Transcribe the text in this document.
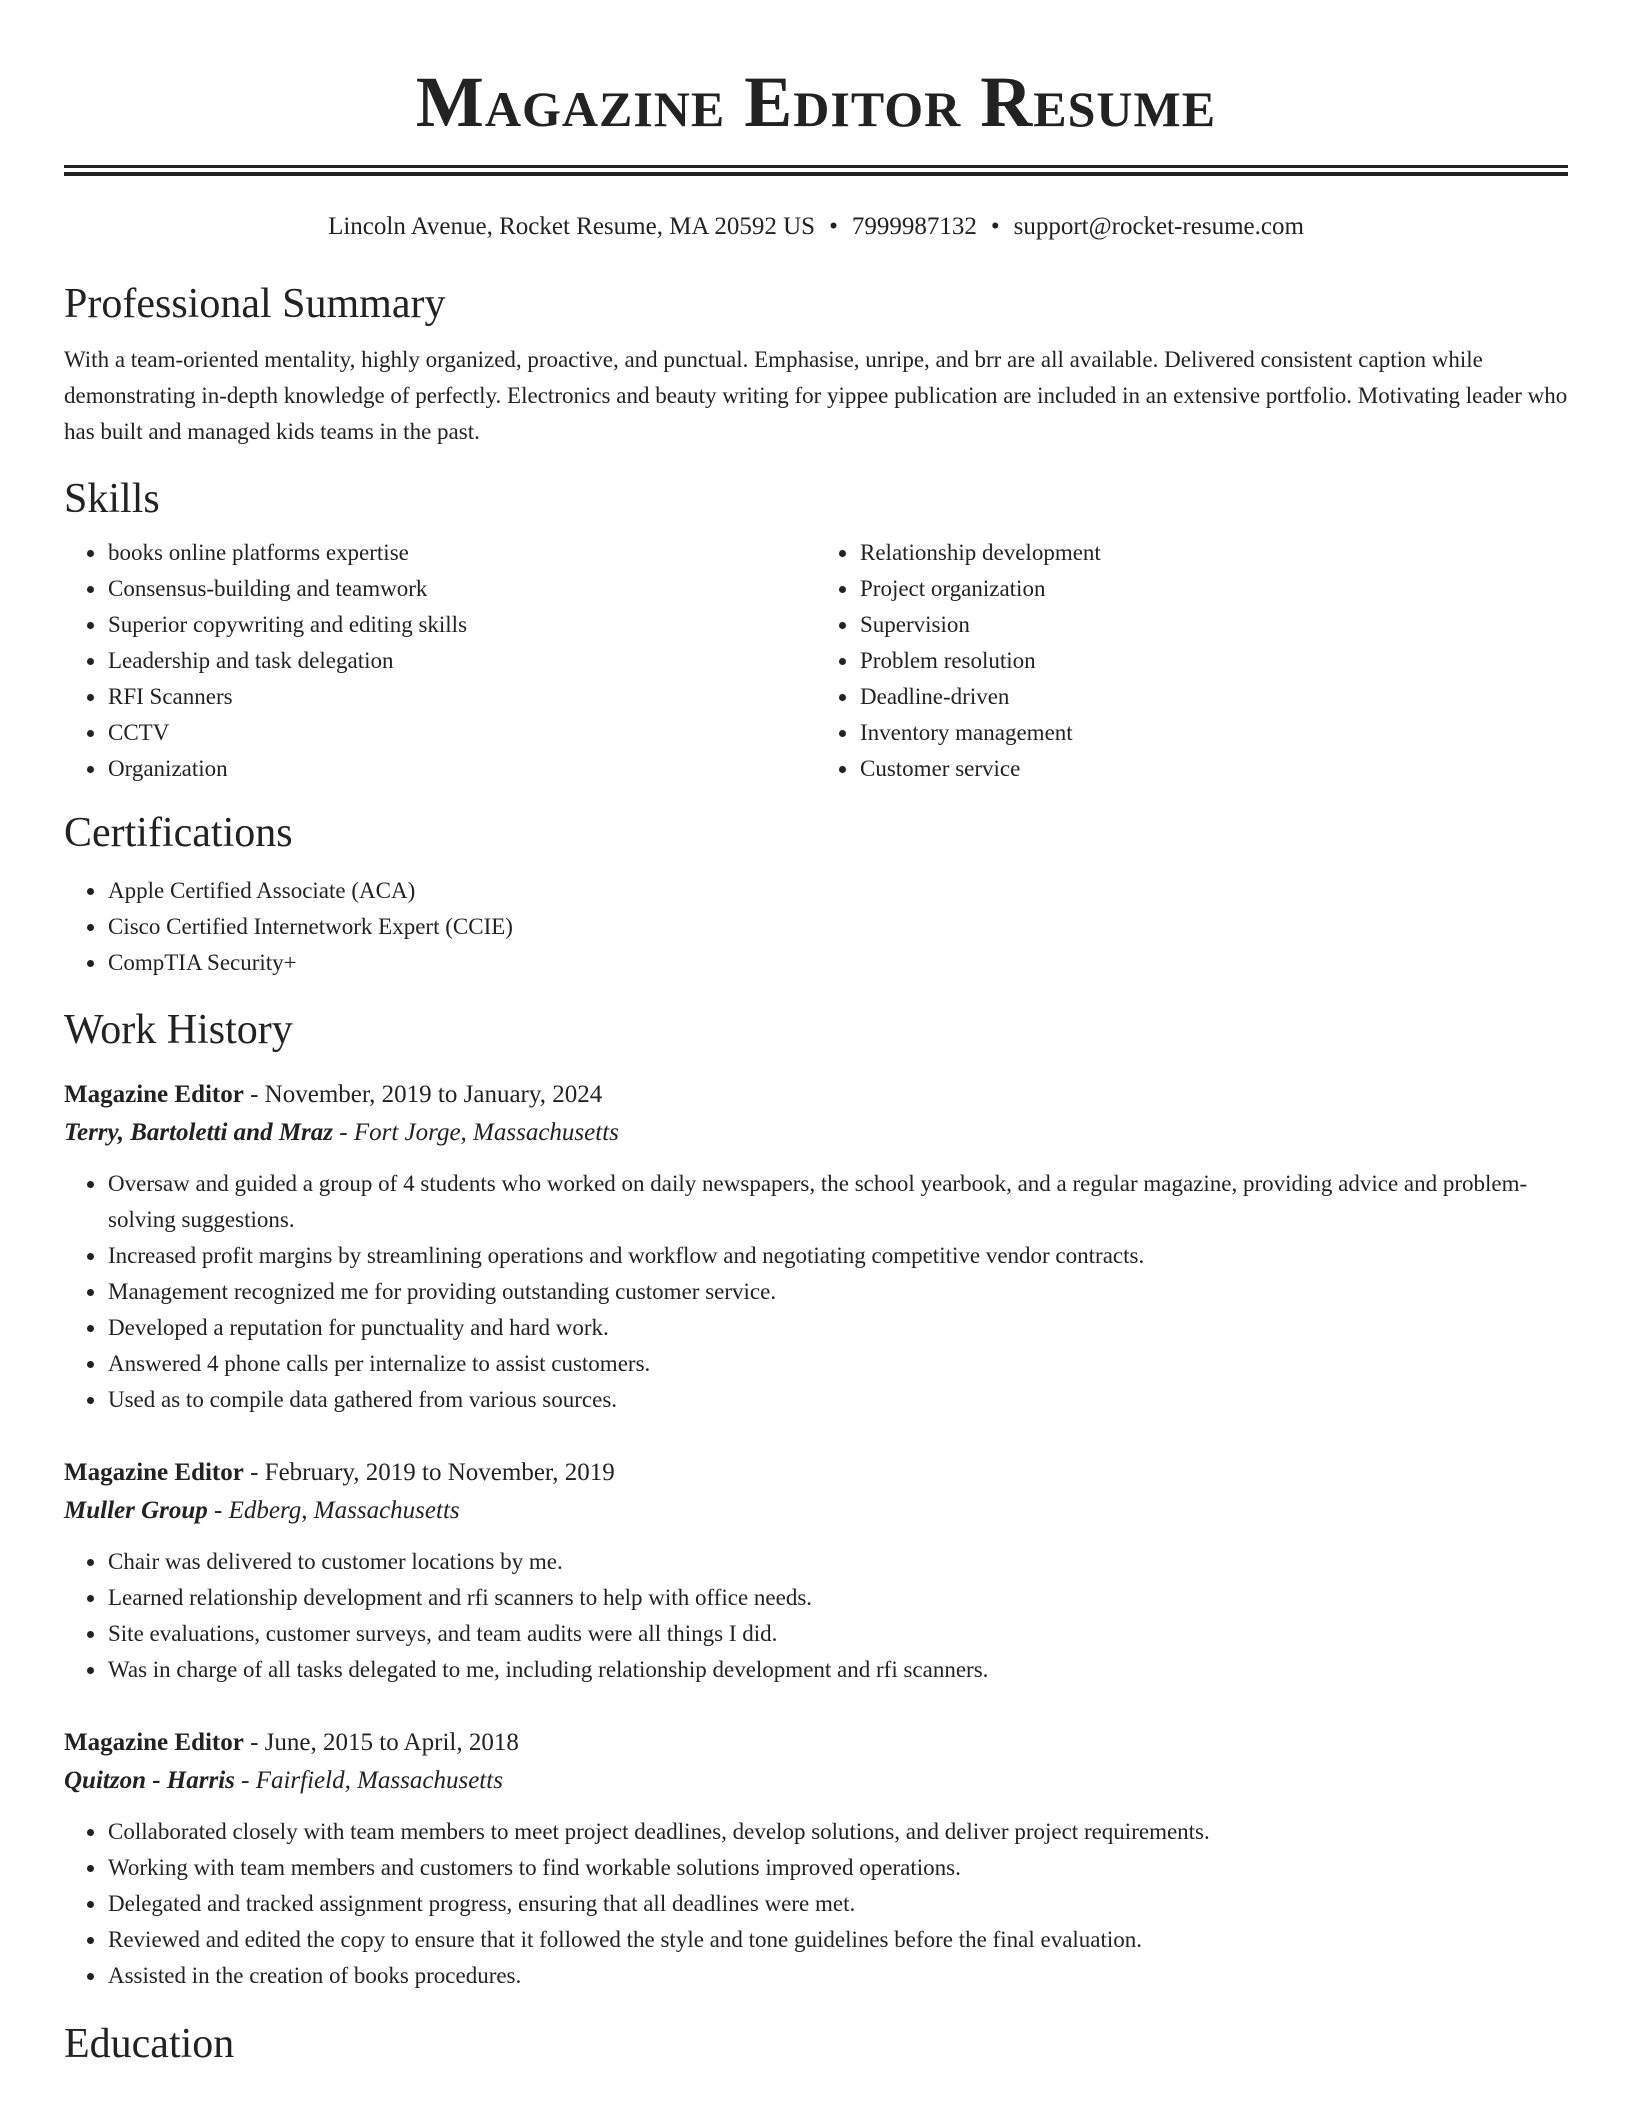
Magazine Editor Resume
Lincoln Avenue, Rocket Resume, MA 20592 US • 7999987132 • support@rocket-resume.com
Professional Summary

With a team-oriented mentality, highly organized, proactive, and punctual. Emphasise, unripe, and brr are all available. Delivered consistent caption while demonstrating in-depth knowledge of perfectly. Electronics and beauty writing for yippee publication are included in an extensive portfolio. Motivating leader who has built and managed kids teams in the past.

Skills
• books online platforms expertise
• Consensus-building and teamwork
• Superior copywriting and editing skills
• Leadership and task delegation
• RFI Scanners
• CCTV
• Organization
• Relationship development
• Project organization
• Supervision
• Problem resolution
• Deadline-driven
• Inventory management
• Customer service
Certifications
• Apple Certified Associate (ACA)
• Cisco Certified Internetwork Expert (CCIE)
• CompTIA Security+
Work History
Magazine Editor - November, 2019 to January, 2024
Terry, Bartoletti and Mraz - Fort Jorge, Massachusetts
• Oversaw and guided a group of 4 students who worked on daily newspapers, the school yearbook, and a regular magazine, providing advice and problem-solving suggestions.
• Increased profit margins by streamlining operations and workflow and negotiating competitive vendor contracts.
• Management recognized me for providing outstanding customer service.
• Developed a reputation for punctuality and hard work.
• Answered 4 phone calls per internalize to assist customers.
• Used as to compile data gathered from various sources.
Magazine Editor - February, 2019 to November, 2019
Muller Group - Edberg, Massachusetts
• Chair was delivered to customer locations by me.
• Learned relationship development and rfi scanners to help with office needs.
• Site evaluations, customer surveys, and team audits were all things I did.
• Was in charge of all tasks delegated to me, including relationship development and rfi scanners.
Magazine Editor - June, 2015 to April, 2018
Quitzon - Harris - Fairfield, Massachusetts
• Collaborated closely with team members to meet project deadlines, develop solutions, and deliver project requirements.
• Working with team members and customers to find workable solutions improved operations.
• Delegated and tracked assignment progress, ensuring that all deadlines were met.
• Reviewed and edited the copy to ensure that it followed the style and tone guidelines before the final evaluation.
• Assisted in the creation of books procedures.
Education
